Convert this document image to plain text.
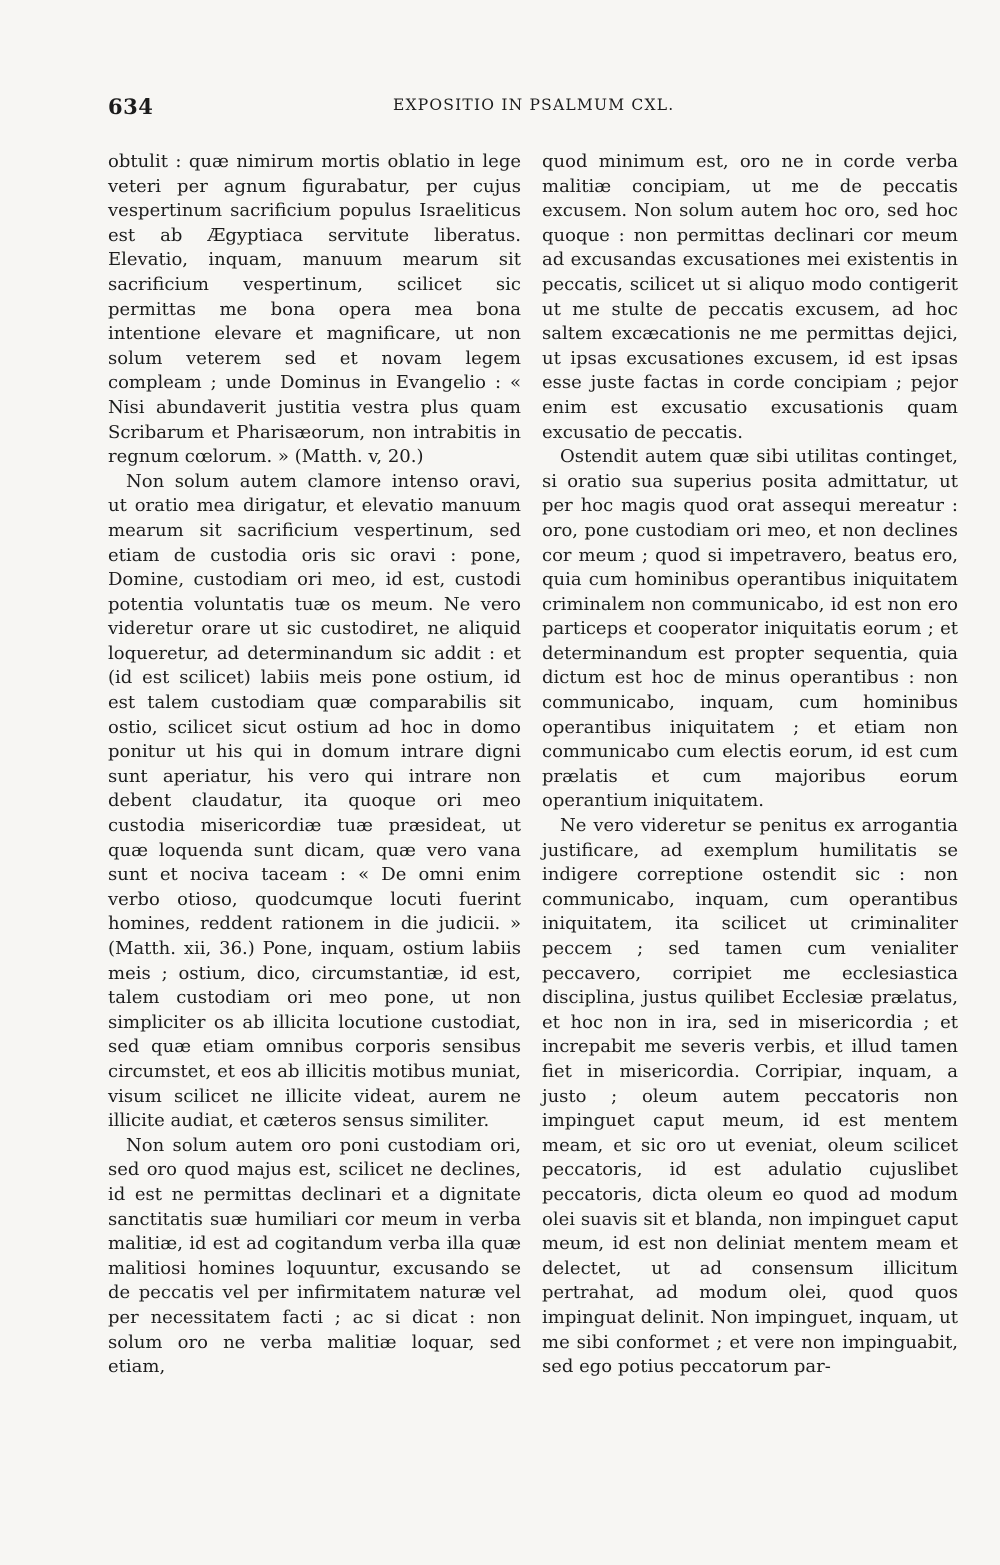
634	EXPOSITIO IN PSALMUM CXL.

obtulit : quæ nimirum mortis oblatio in lege veteri per agnum figurabatur, per cujus vespertinum sacrificium populus Israeliticus est ab Ægyptiaca servitute liberatus. Elevatio, inquam, manuum mearum sit sacrificium vespertinum, scilicet sic permittas me bona opera mea bona intentione elevare et magnificare, ut non solum veterem sed et novam legem compleam ; unde Dominus in Evangelio : « Nisi abundaverit justitia vestra plus quam Scribarum et Pharisæorum, non intrabitis in regnum cœlorum. » (Matth. v, 20.)

Non solum autem clamore intenso oravi, ut oratio mea dirigatur, et elevatio manuum mearum sit sacrificium vespertinum, sed etiam de custodia oris sic oravi : pone, Domine, custodiam ori meo, id est, custodi potentia voluntatis tuæ os meum. Ne vero videretur orare ut sic custodiret, ne aliquid loqueretur, ad determinandum sic addit : et (id est scilicet) labiis meis pone ostium, id est talem custodiam quæ comparabilis sit ostio, scilicet sicut ostium ad hoc in domo ponitur ut his qui in domum intrare digni sunt aperiatur, his vero qui intrare non debent claudatur, ita quoque ori meo custodia misericordiæ tuæ præsideat, ut quæ loquenda sunt dicam, quæ vero vana sunt et nociva taceam : « De omni enim verbo otioso, quodcumque locuti fuerint homines, reddent rationem in die judicii. » (Matth. xii, 36.) Pone, inquam, ostium labiis meis ; ostium, dico, circumstantiæ, id est, talem custodiam ori meo pone, ut non simpliciter os ab illicita locutione custodiat, sed quæ etiam omnibus corporis sensibus circumstet, et eos ab illicitis motibus muniat, visum scilicet ne illicite videat, aurem ne illicite audiat, et cæteros sensus similiter.

Non solum autem oro poni custodiam ori, sed oro quod majus est, scilicet ne declines, id est ne permittas declinari et a dignitate sanctitatis suæ humiliari cor meum in verba malitiæ, id est ad cogitandum verba illa quæ malitiosi homines loquuntur, excusando se de peccatis vel per infirmitatem naturæ vel per necessitatem facti ; ac si dicat : non solum oro ne verba malitiæ loquar, sed etiam,

quod minimum est, oro ne in corde verba malitiæ concipiam, ut me de peccatis excusem. Non solum autem hoc oro, sed hoc quoque : non permittas declinari cor meum ad excusandas excusationes mei existentis in peccatis, scilicet ut si aliquo modo contigerit ut me stulte de peccatis excusem, ad hoc saltem excæcationis ne me permittas dejici, ut ipsas excusationes excusem, id est ipsas esse juste factas in corde concipiam ; pejor enim est excusatio excusationis quam excusatio de peccatis.

Ostendit autem quæ sibi utilitas continget, si oratio sua superius posita admittatur, ut per hoc magis quod orat assequi mereatur : oro, pone custodiam ori meo, et non declines cor meum ; quod si impetravero, beatus ero, quia cum hominibus operantibus iniquitatem criminalem non communicabo, id est non ero particeps et cooperator iniquitatis eorum ; et determinandum est propter sequentia, quia dictum est hoc de minus operantibus : non communicabo, inquam, cum hominibus operantibus iniquitatem ; et etiam non communicabo cum electis eorum, id est cum prælatis et cum majoribus eorum operantium iniquitatem.

Ne vero videretur se penitus ex arrogantia justificare, ad exemplum humilitatis se indigere correptione ostendit sic : non communicabo, inquam, cum operantibus iniquitatem, ita scilicet ut criminaliter peccem ; sed tamen cum venialiter peccavero, corripiet me ecclesiastica disciplina, justus quilibet Ecclesiæ prælatus, et hoc non in ira, sed in misericordia ; et increpabit me severis verbis, et illud tamen fiet in misericordia. Corripiar, inquam, a justo ; oleum autem peccatoris non impinguet caput meum, id est mentem meam, et sic oro ut eveniat, oleum scilicet peccatoris, id est adulatio cujuslibet peccatoris, dicta oleum eo quod ad modum olei suavis sit et blanda, non impinguet caput meum, id est non deliniat mentem meam et delectet, ut ad consensum illicitum pertrahat, ad modum olei, quod quos impinguat delinit. Non impinguet, inquam, ut me sibi conformet ; et vere non impinguabit, sed ego potius peccatorum par-
